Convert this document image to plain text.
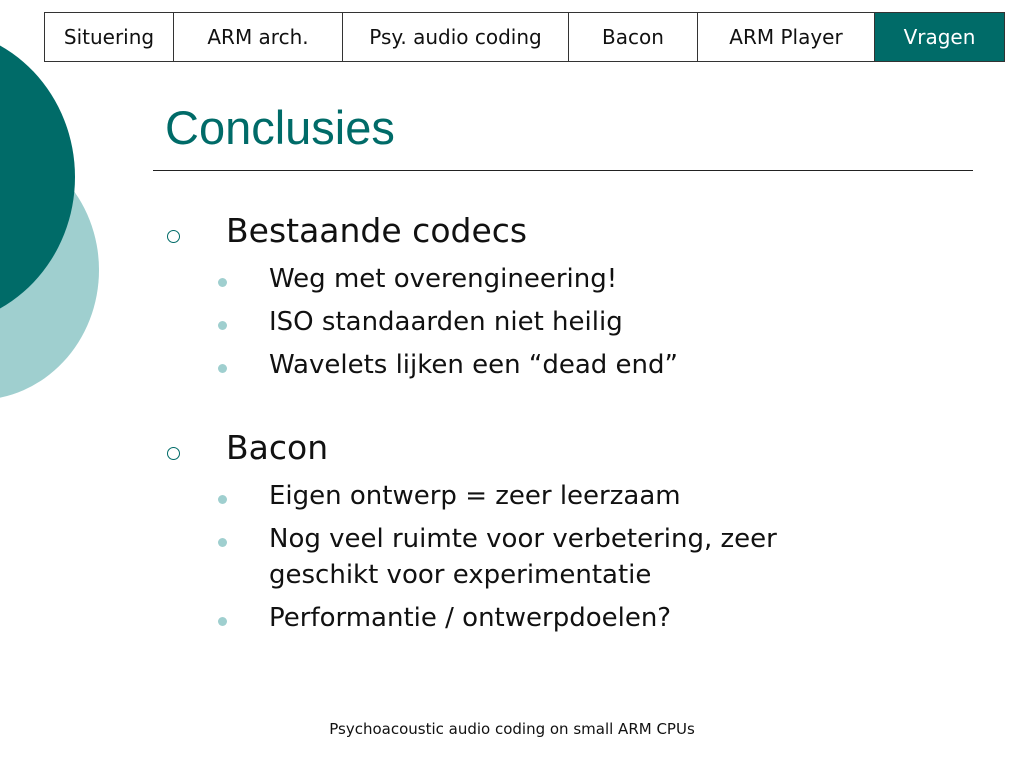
Situering	ARM arch.	Psy. audio coding	Bacon	ARM Player	Vragen
Conclusies
Bestaande codecs
Weg met overengineering!
ISO standaarden niet heilig
Wavelets lijken een “dead end”
Bacon
Eigen ontwerp = zeer leerzaam
Nog veel ruimte voor verbetering, zeer geschikt voor experimentatie
Performantie / ontwerpdoelen?
Psychoacoustic audio coding on small ARM CPUs
